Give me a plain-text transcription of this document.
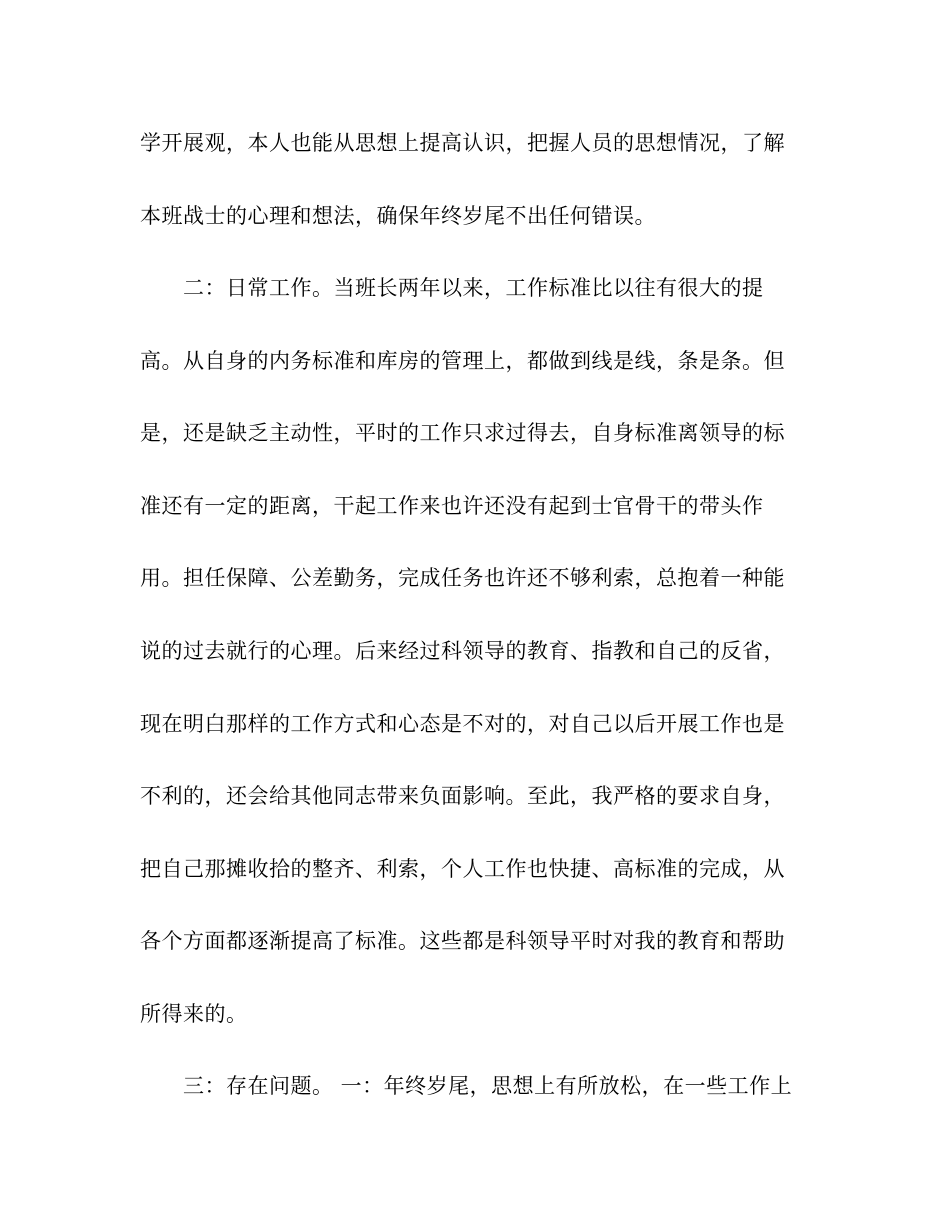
学开展观，本人也能从思想上提高认识，把握人员的思想情况，了解
本班战士的心理和想法，确保年终岁尾不出任何错误。
二：日常工作。当班长两年以来，工作标准比以往有很大的提
高。从自身的内务标准和库房的管理上，都做到线是线，条是条。但
是，还是缺乏主动性，平时的工作只求过得去，自身标准离领导的标
准还有一定的距离，干起工作来也许还没有起到士官骨干的带头作
用。担任保障、公差勤务，完成任务也许还不够利索，总抱着一种能
说的过去就行的心理。后来经过科领导的教育、指教和自己的反省，
现在明白那样的工作方式和心态是不对的，对自己以后开展工作也是
不利的，还会给其他同志带来负面影响。至此，我严格的要求自身，
把自己那摊收拾的整齐、利索，个人工作也快捷、高标准的完成，从
各个方面都逐渐提高了标准。这些都是科领导平时对我的教育和帮助
所得来的。
三：存在问题。 一：年终岁尾，思想上有所放松，在一些工作上
